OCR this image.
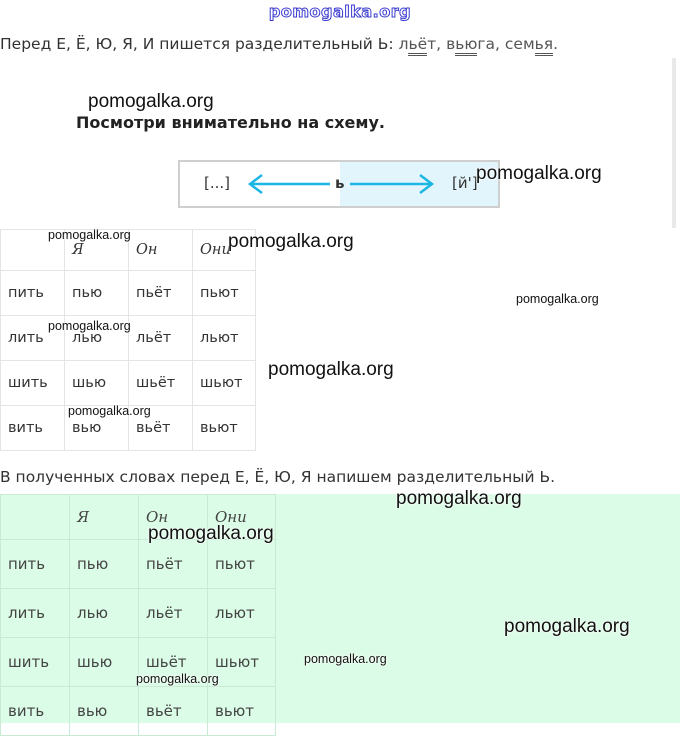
pomogalka.org
Перед Е, Ё, Ю, Я, И пишется разделительный Ь: льёт, вьюга, семья.
Посмотри внимательно на схему.
[...]	ь	[й']
	Я	Он	Они
пить	пью	пьёт	пьют
лить	лью	льёт	льют
шить	шью	шьёт	шьют
вить	вью	вьёт	вьют
В полученных словах перед Е, Ё, Ю, Я напишем разделительный Ь.
	Я	Он	Они
пить	пью	пьёт	пьют
лить	лью	льёт	льют
шить	шью	шьёт	шьют
вить	вью	вьёт	вьют
pomogalka.org
pomogalka.org
pomogalka.org	pomogalka.org
pomogalka.org
pomogalka.org
pomogalka.org
pomogalka.org
pomogalka.org
pomogalka.org
pomogalka.org
pomogalka.org
pomogalka.org
